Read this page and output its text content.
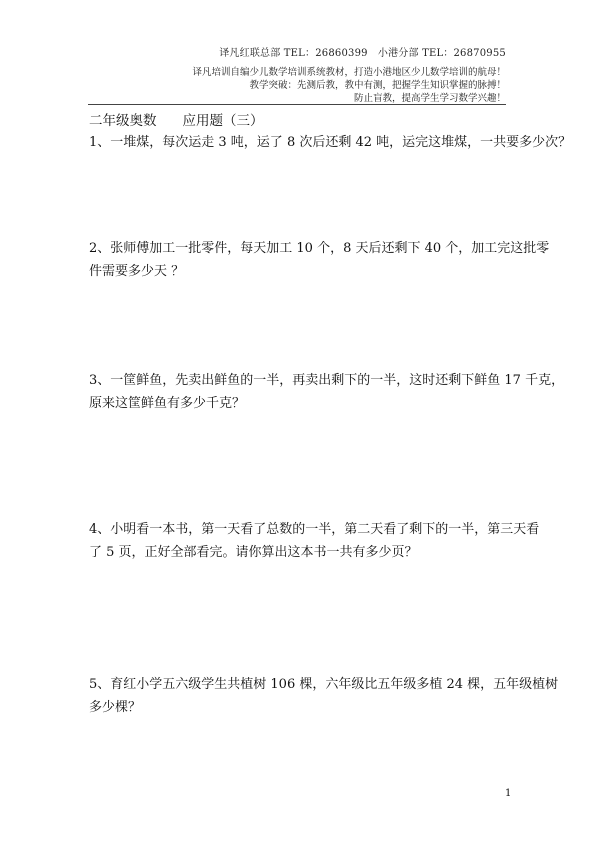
译凡红联总部 TEL：26860399　小港分部 TEL：26870955
译凡培训自编少儿数学培训系统教材，打造小港地区少儿数学培训的航母！
教学突破：先测后教，教中有测，把握学生知识掌握的脉搏！
防止盲教，提高学生学习数学兴趣！
二年级奥数 应用题（三）
1、一堆煤，每次运走 3 吨，运了 8 次后还剩 42 吨，运完这堆煤，一共要多少次？
2、张师傅加工一批零件，每天加工 10 个，8 天后还剩下 40 个，加工完这批零
件需要多少天 ？
3、一筐鲜鱼，先卖出鲜鱼的一半，再卖出剩下的一半，这时还剩下鲜鱼 17 千克，
原来这筐鲜鱼有多少千克？
4、小明看一本书，第一天看了总数的一半，第二天看了剩下的一半，第三天看
了 5 页，正好全部看完。请你算出这本书一共有多少页？
5、育红小学五六级学生共植树 106 棵，六年级比五年级多植 24 棵，五年级植树
多少棵？
1
